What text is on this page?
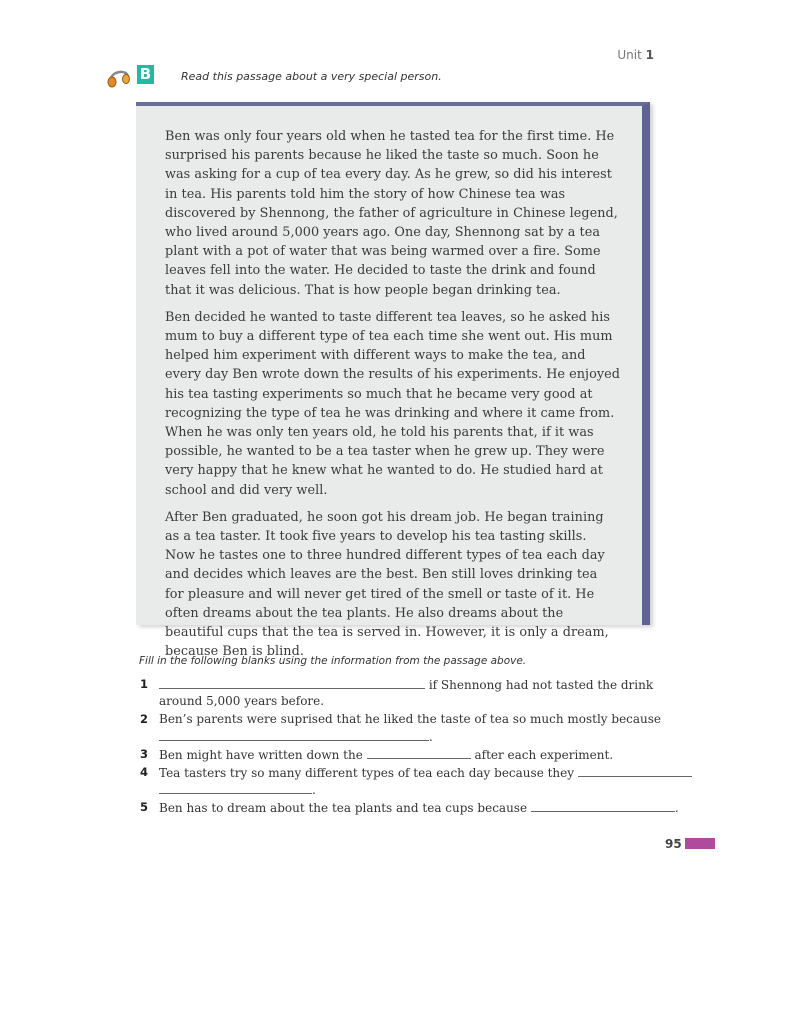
Unit 1
B	Read this passage about a very special person.

Ben was only four years old when he tasted tea for the first time. He surprised his parents because he liked the taste so much. Soon he was asking for a cup of tea every day. As he grew, so did his interest in tea. His parents told him the story of how Chinese tea was discovered by Shennong, the father of agriculture in Chinese legend, who lived around 5,000 years ago. One day, Shennong sat by a tea plant with a pot of water that was being warmed over a fire. Some leaves fell into the water. He decided to taste the drink and found that it was delicious. That is how people began drinking tea.

Ben decided he wanted to taste different tea leaves, so he asked his mum to buy a different type of tea each time she went out. His mum helped him experiment with different ways to make the tea, and every day Ben wrote down the results of his experiments. He enjoyed his tea tasting experiments so much that he became very good at recognizing the type of tea he was drinking and where it came from. When he was only ten years old, he told his parents that, if it was possible, he wanted to be a tea taster when he grew up. They were very happy that he knew what he wanted to do. He studied hard at school and did very well.

After Ben graduated, he soon got his dream job. He began training as a tea taster. It took five years to develop his tea tasting skills. Now he tastes one to three hundred different types of tea each day and decides which leaves are the best. Ben still loves drinking tea for pleasure and will never get tired of the smell or taste of it. He often dreams about the tea plants. He also dreams about the beautiful cups that the tea is served in. However, it is only a dream, because Ben is blind.

Fill in the following blanks using the information from the passage above.
1	if Shennong had not tasted the drink
around 5,000 years before.
2 Ben’s parents were suprised that he liked the taste of tea so much mostly because
.
3 Ben might have written down the	after each experiment.
4 Tea tasters try so many different types of tea each day because they
.
5 Ben has to dream about the tea plants and tea cups because	.
95
